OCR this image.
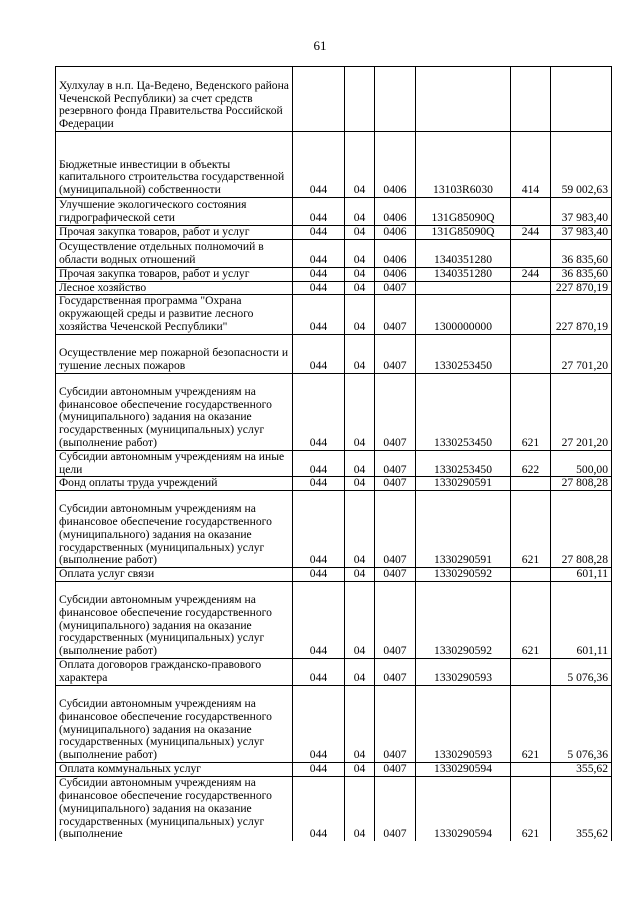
61
Хулхулау в н.п. Ца-Ведено, Веденского района Чеченской Республики) за счет средств резервного фонда Правительства Российской Федерации						
Бюджетные инвестиции в объекты капитального строительства государственной (муниципальной) собственности	044	04	0406	13103R6030	414	59 002,63
Улучшение экологического состояния гидрографической сети	044	04	0406	131G85090Q		37 983,40
Прочая закупка товаров, работ и услуг	044	04	0406	131G85090Q	244	37 983,40
Осуществление отдельных полномочий в области водных отношений	044	04	0406	1340351280		36 835,60
Прочая закупка товаров, работ и услуг	044	04	0406	1340351280	244	36 835,60
Лесное хозяйство	044	04	0407			227 870,19
Государственная программа "Охрана окружающей среды и развитие лесного хозяйства Чеченской Республики"	044	04	0407	1300000000		227 870,19
Осуществление мер пожарной безопасности и тушение лесных пожаров	044	04	0407	1330253450		27 701,20
Субсидии автономным учреждениям на финансовое обеспечение государственного (муниципального) задания на оказание государственных (муниципальных) услуг (выполнение работ)	044	04	0407	1330253450	621	27 201,20
Субсидии автономным учреждениям на иные цели	044	04	0407	1330253450	622	500,00
Фонд оплаты труда учреждений	044	04	0407	1330290591		27 808,28
Субсидии автономным учреждениям на финансовое обеспечение государственного (муниципального) задания на оказание государственных (муниципальных) услуг (выполнение работ)	044	04	0407	1330290591	621	27 808,28
Оплата услуг связи	044	04	0407	1330290592		601,11
Субсидии автономным учреждениям на финансовое обеспечение государственного (муниципального) задания на оказание государственных (муниципальных) услуг (выполнение работ)	044	04	0407	1330290592	621	601,11
Оплата договоров гражданско-правового характера	044	04	0407	1330290593		5 076,36
Субсидии автономным учреждениям на финансовое обеспечение государственного (муниципального) задания на оказание государственных (муниципальных) услуг (выполнение работ)	044	04	0407	1330290593	621	5 076,36
Оплата коммунальных услуг	044	04	0407	1330290594		355,62
Субсидии автономным учреждениям на финансовое обеспечение государственного (муниципального) задания на оказание государственных (муниципальных) услуг (выполнение	044	04	0407	1330290594	621	355,62
